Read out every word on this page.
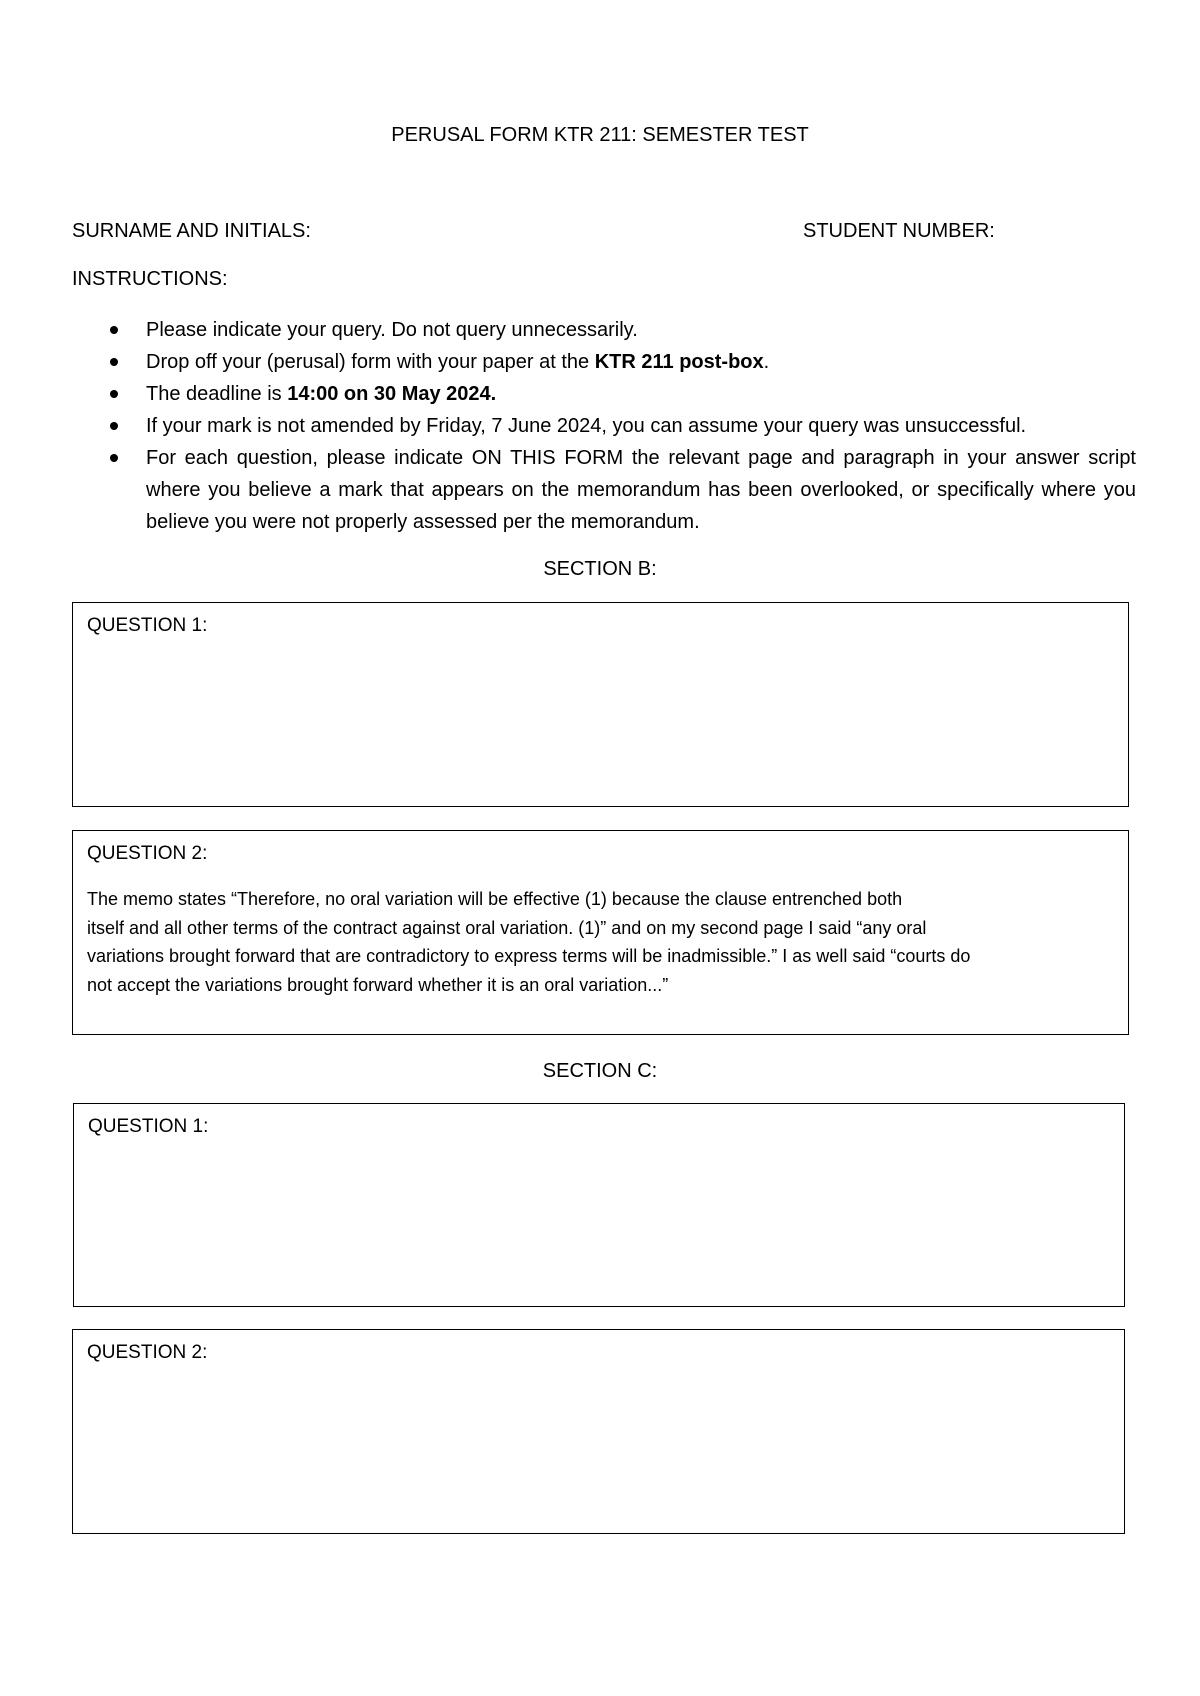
PERUSAL FORM KTR 211: SEMESTER TEST
SURNAME AND INITIALS:	STUDENT NUMBER:
INSTRUCTIONS:
Please indicate your query. Do not query unnecessarily.
Drop off your (perusal) form with your paper at the KTR 211 post-box.
The deadline is 14:00 on 30 May 2024.
If your mark is not amended by Friday, 7 June 2024, you can assume your query was unsuccessful.
For each question, please indicate ON THIS FORM the relevant page and paragraph in your answer script where you believe a mark that appears on the memorandum has been overlooked, or specifically where you believe you were not properly assessed per the memorandum.
SECTION B:
QUESTION 1:
QUESTION 2:
The memo states “Therefore, no oral variation will be effective (1) because the clause entrenched both
itself and all other terms of the contract against oral variation. (1)” and on my second page I said “any oral
variations brought forward that are contradictory to express terms will be inadmissible.” I as well said “courts do
not accept the variations brought forward whether it is an oral variation...”
SECTION C:
QUESTION 1:
QUESTION 2:
